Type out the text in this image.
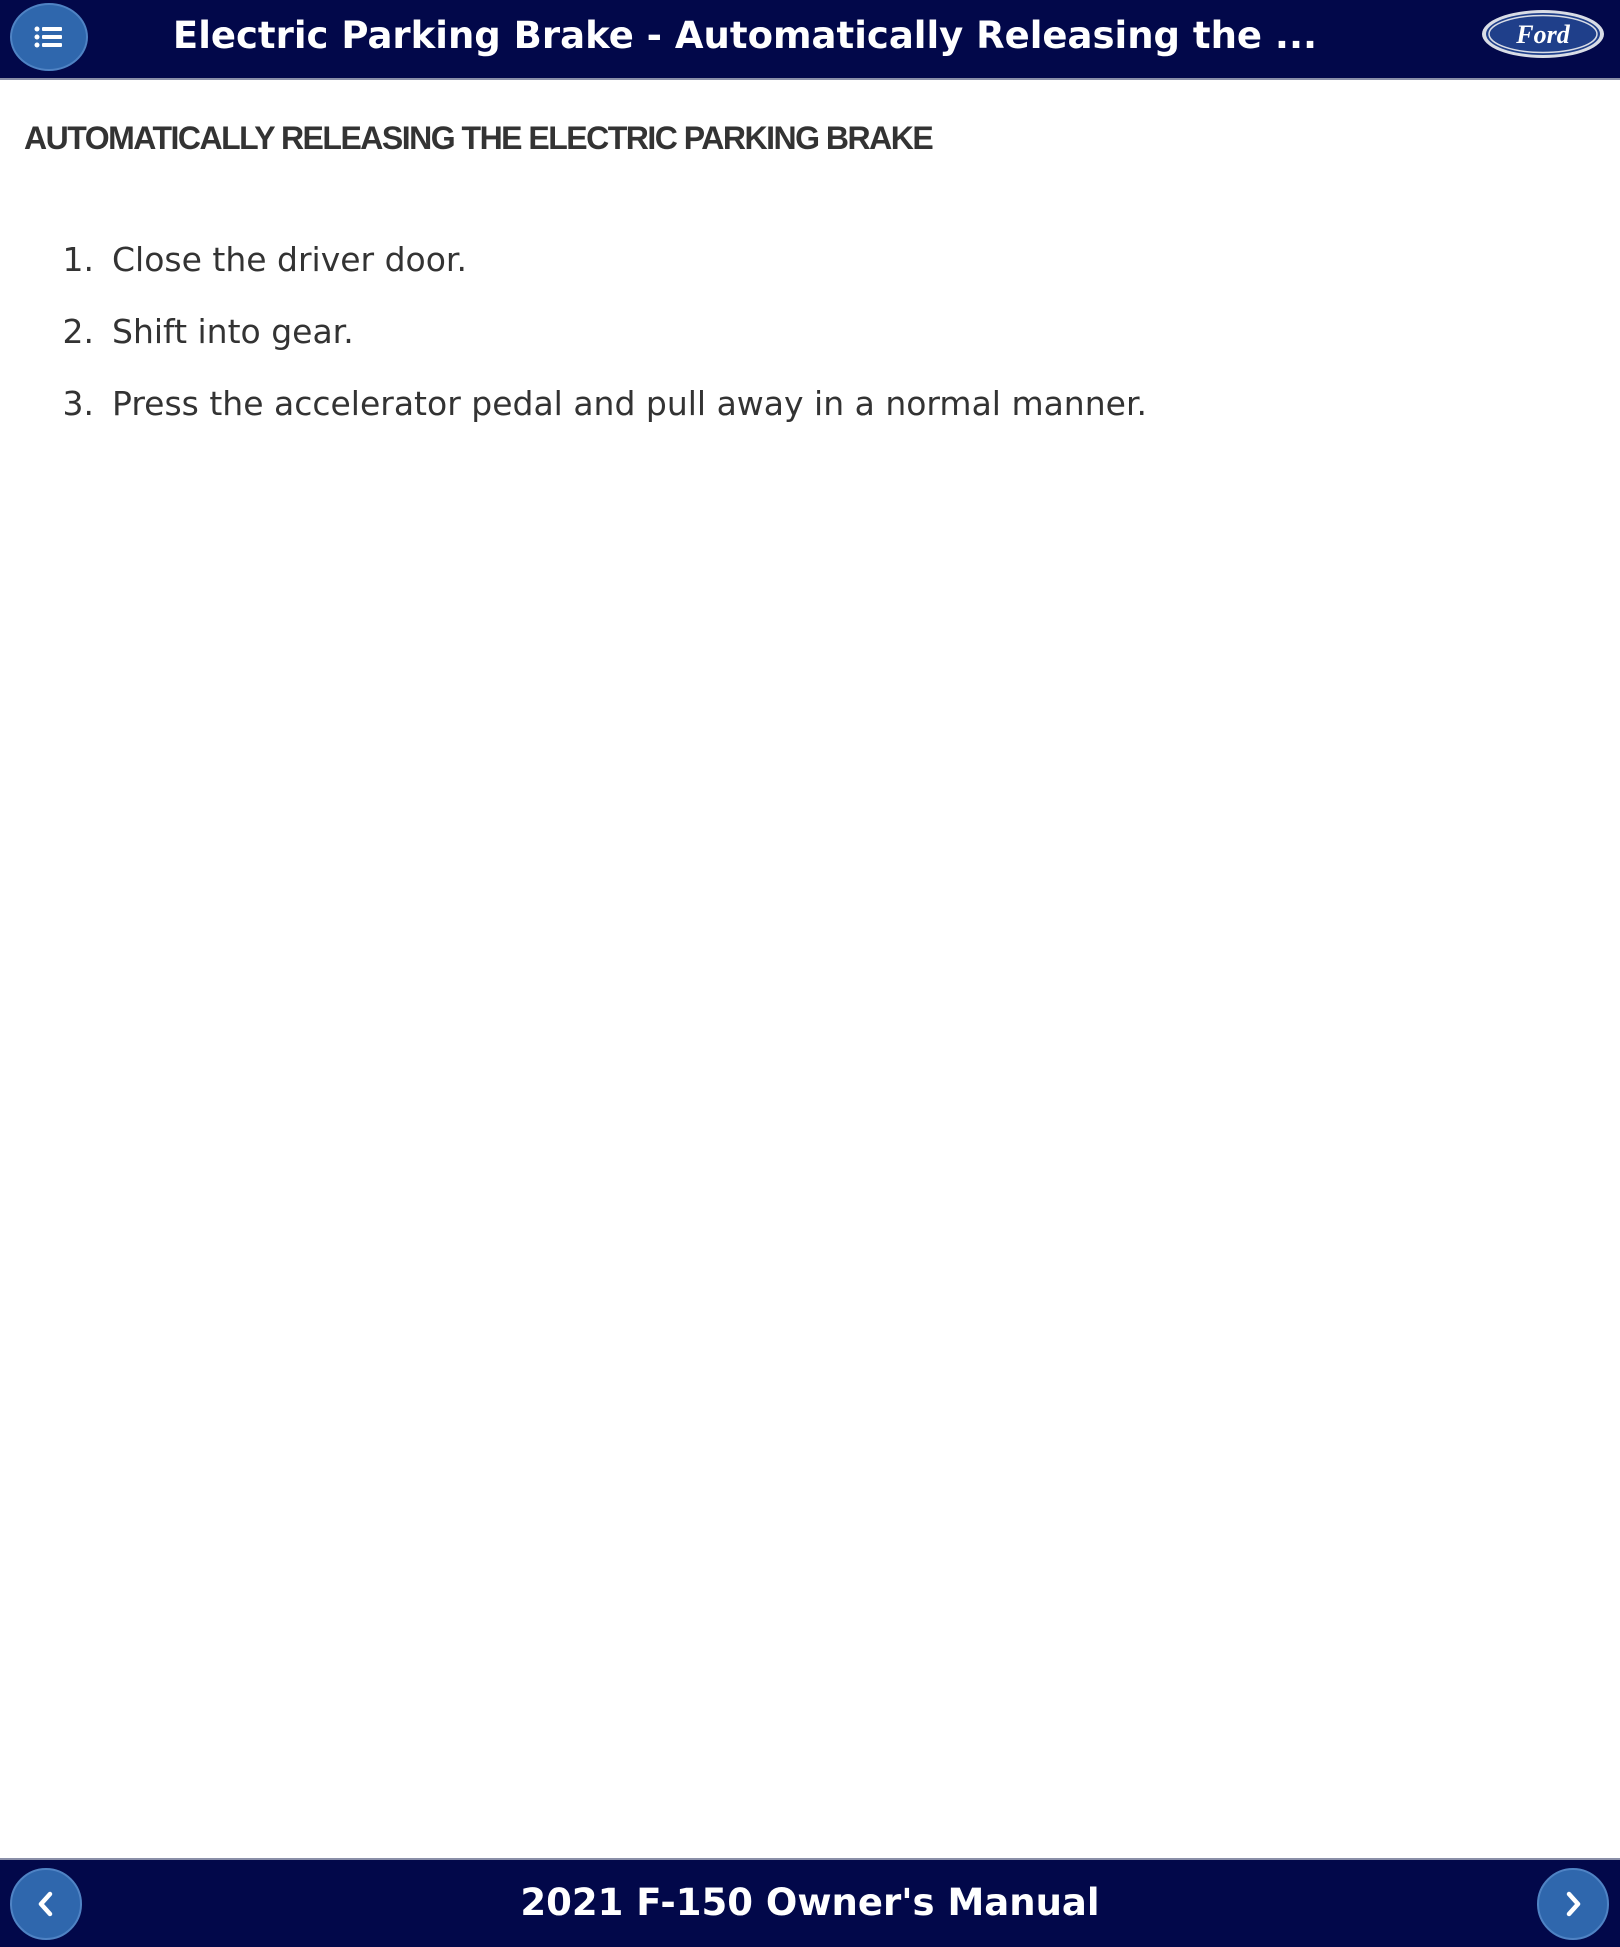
Electric Parking Brake - Automatically Releasing the ...	Ford
AUTOMATICALLY RELEASING THE ELECTRIC PARKING BRAKE
1. Close the driver door.
2. Shift into gear.
3. Press the accelerator pedal and pull away in a normal manner.
2021 F-150 Owner's Manual
